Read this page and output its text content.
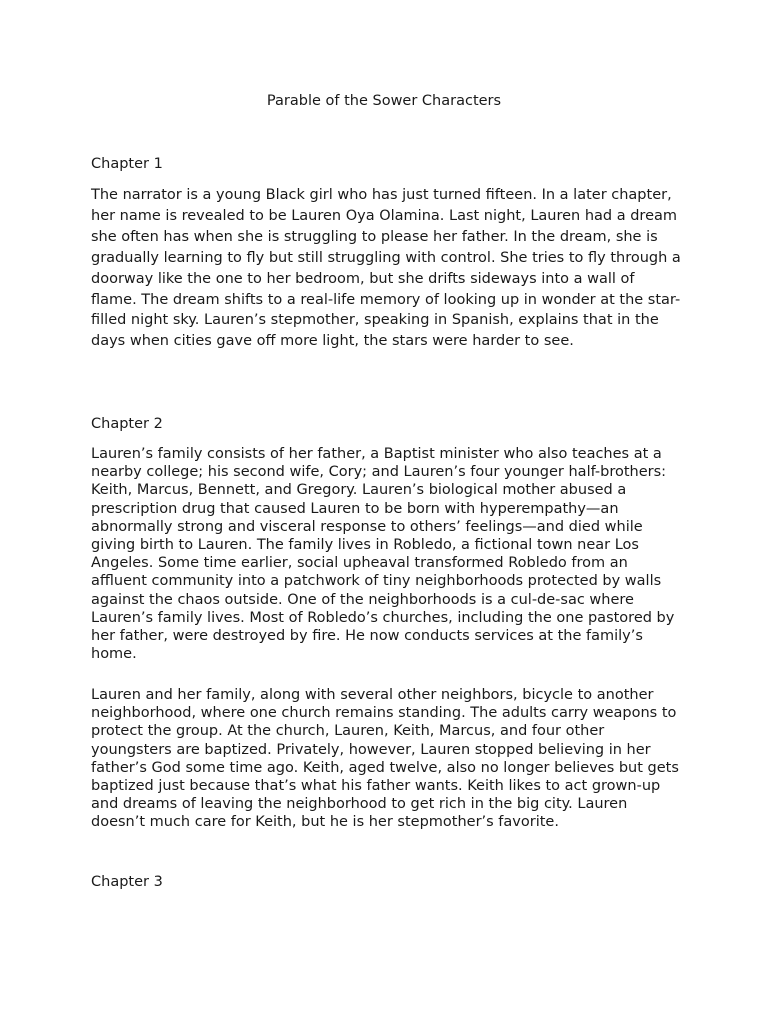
Parable of the Sower Characters
Chapter 1

The narrator is a young Black girl who has just turned fifteen. In a later chapter, her name is revealed to be Lauren Oya Olamina. Last night, Lauren had a dream she often has when she is struggling to please her father. In the dream, she is gradually learning to fly but still struggling with control. She tries to fly through a doorway like the one to her bedroom, but she drifts sideways into a wall of flame. The dream shifts to a real-life memory of looking up in wonder at the star-filled night sky. Lauren’s stepmother, speaking in Spanish, explains that in the days when cities gave off more light, the stars were harder to see.

Chapter 2

Lauren’s family consists of her father, a Baptist minister who also teaches at a nearby college; his second wife, Cory; and Lauren’s four younger half-brothers: Keith, Marcus, Bennett, and Gregory. Lauren’s biological mother abused a prescription drug that caused Lauren to be born with hyperempathy—an abnormally strong and visceral response to others’ feelings—and died while giving birth to Lauren. The family lives in Robledo, a fictional town near Los Angeles. Some time earlier, social upheaval transformed Robledo from an affluent community into a patchwork of tiny neighborhoods protected by walls against the chaos outside. One of the neighborhoods is a cul-de-sac where Lauren’s family lives. Most of Robledo’s churches, including the one pastored by her father, were destroyed by fire. He now conducts services at the family’s home.

Lauren and her family, along with several other neighbors, bicycle to another neighborhood, where one church remains standing. The adults carry weapons to protect the group. At the church, Lauren, Keith, Marcus, and four other youngsters are baptized. Privately, however, Lauren stopped believing in her father’s God some time ago. Keith, aged twelve, also no longer believes but gets baptized just because that’s what his father wants. Keith likes to act grown-up and dreams of leaving the neighborhood to get rich in the big city. Lauren doesn’t much care for Keith, but he is her stepmother’s favorite.

Chapter 3
